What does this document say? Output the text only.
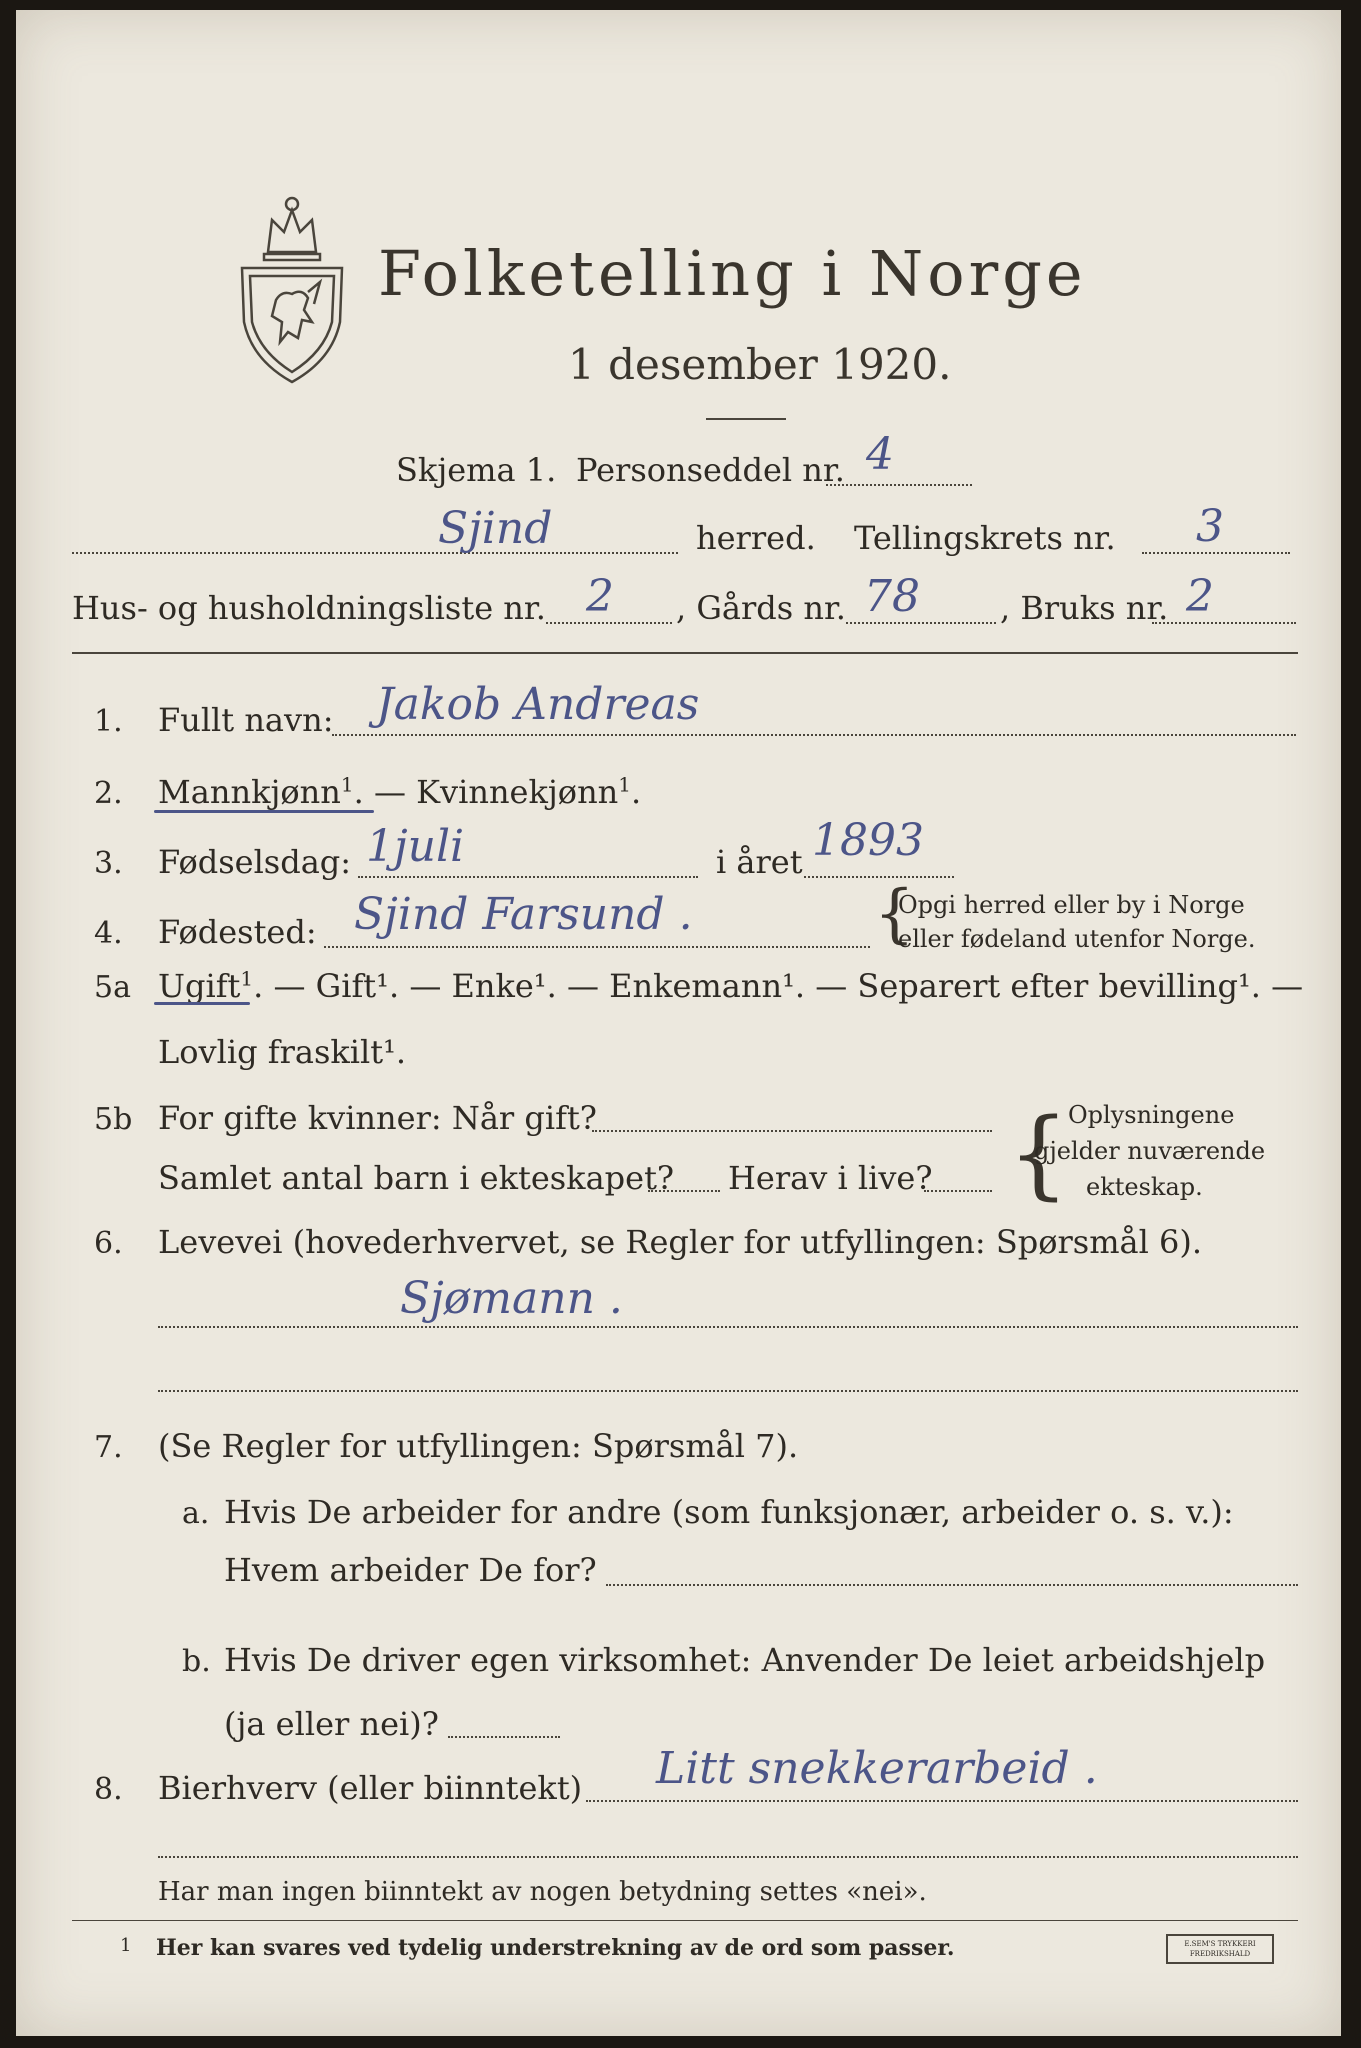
Folketelling i Norge
1 desember 1920.
Skjema 1. Personseddel nr. 4
Sjind	herred. Tellingskrets nr. 3
Hus- og husholdningsliste nr. 2 , Gårds nr. 78	, Bruks nr. 2
1. Fullt navn: Jakob Andreas
2. Mannkjønn$^1$. — Kvinnekjønn$^1$.
3. Fødselsdag: 1juli	i året 1893
4. Fødested: Sjind Farsund .	{
Opgi herred eller by i Norge
eller fødeland utenfor Norge.
5a Ugift$^1$. — Gift¹. — Enke¹. — Enkemann¹. — Separert efter bevilling¹. —
Lovlig fraskilt¹.
5b For gifte kvinner: Når gift?
Samlet antal barn i ekteskapet? Herav i live? {
Oplysningene
gjelder nuværende
ekteskap.
6. Levevei (hovederhvervet, se Regler for utfyllingen: Spørsmål 6).
Sjømann .
7. (Se Regler for utfyllingen: Spørsmål 7).
a. Hvis De arbeider for andre (som funksjonær, arbeider o. s. v.):
Hvem arbeider De for?
b. Hvis De driver egen virksomhet: Anvender De leiet arbeidshjelp
(ja eller nei)?
8. Bierhverv (eller biinntekt) Litt snekkerarbeid .
Har man ingen biinntekt av nogen betydning settes «nei».
1 Her kan svares ved tydelig understrekning av de ord som passer.	E.SEM'S TRYKKERI FREDRIKSHALD
